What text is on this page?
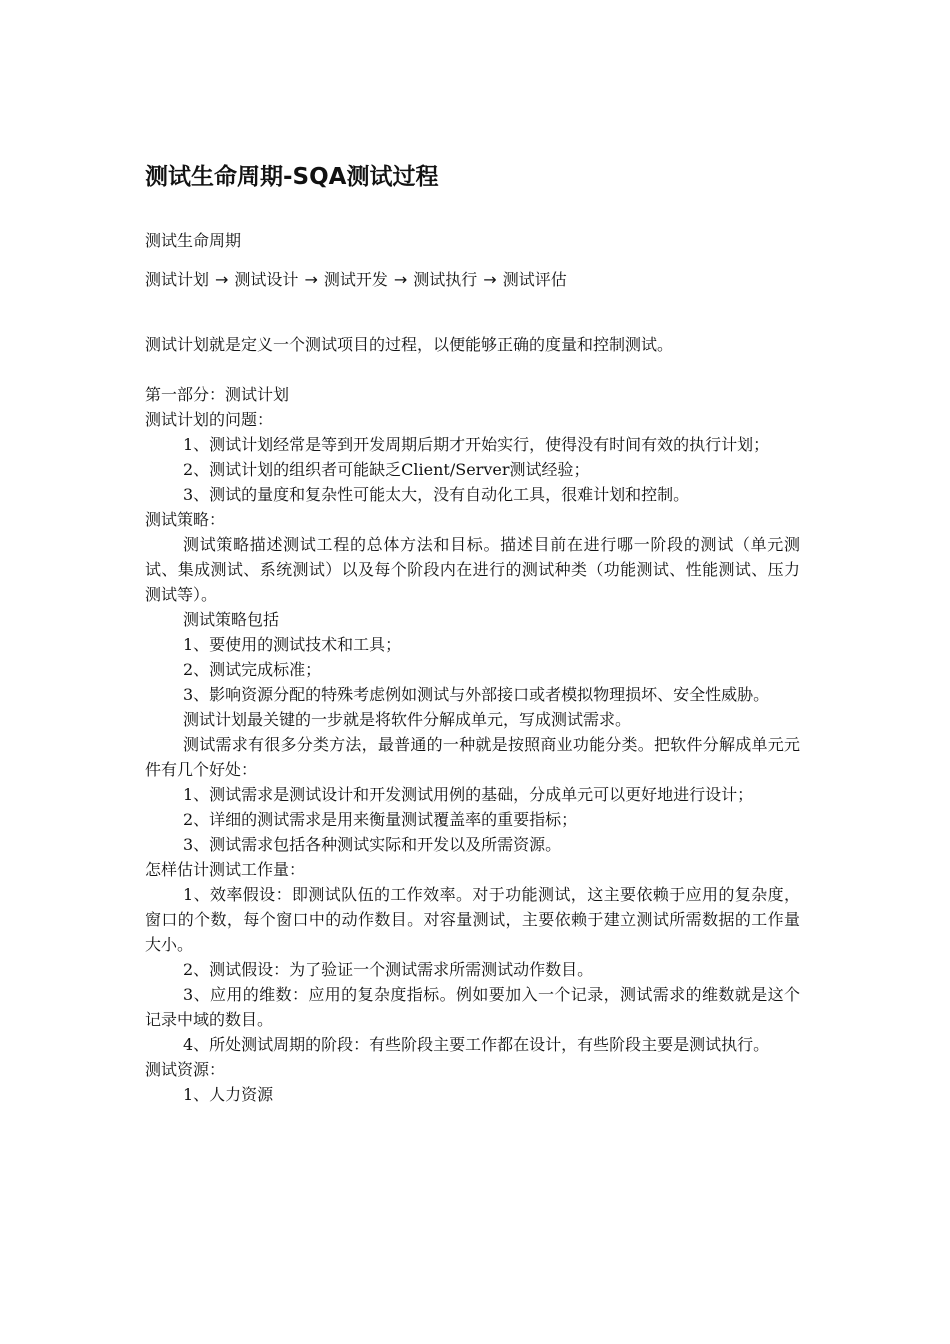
测试生命周期-SQA测试过程
测试生命周期
测试计划 → 测试设计 → 测试开发 → 测试执行 → 测试评估
测试计划就是定义一个测试项目的过程，以便能够正确的度量和控制测试。

第一部分：测试计划

测试计划的问题：

1、测试计划经常是等到开发周期后期才开始实行，使得没有时间有效的执行计划；

2、测试计划的组织者可能缺乏Client/Server测试经验；

3、测试的量度和复杂性可能太大，没有自动化工具，很难计划和控制。

测试策略：

测试策略描述测试工程的总体方法和目标。描述目前在进行哪一阶段的测试（单元测试、集成测试、系统测试）以及每个阶段内在进行的测试种类（功能测试、性能测试、压力测试等）。

测试策略包括

1、要使用的测试技术和工具；

2、测试完成标准；

3、影响资源分配的特殊考虑例如测试与外部接口或者模拟物理损坏、安全性威胁。

测试计划最关键的一步就是将软件分解成单元，写成测试需求。

测试需求有很多分类方法，最普通的一种就是按照商业功能分类。把软件分解成单元元件有几个好处：

1、测试需求是测试设计和开发测试用例的基础，分成单元可以更好地进行设计；

2、详细的测试需求是用来衡量测试覆盖率的重要指标；

3、测试需求包括各种测试实际和开发以及所需资源。

怎样估计测试工作量：

1、效率假设：即测试队伍的工作效率。对于功能测试，这主要依赖于应用的复杂度，窗口的个数，每个窗口中的动作数目。对容量测试，主要依赖于建立测试所需数据的工作量大小。

2、测试假设：为了验证一个测试需求所需测试动作数目。

3、应用的维数：应用的复杂度指标。例如要加入一个记录，测试需求的维数就是这个记录中域的数目。

4、所处测试周期的阶段：有些阶段主要工作都在设计，有些阶段主要是测试执行。

测试资源：

1、人力资源
